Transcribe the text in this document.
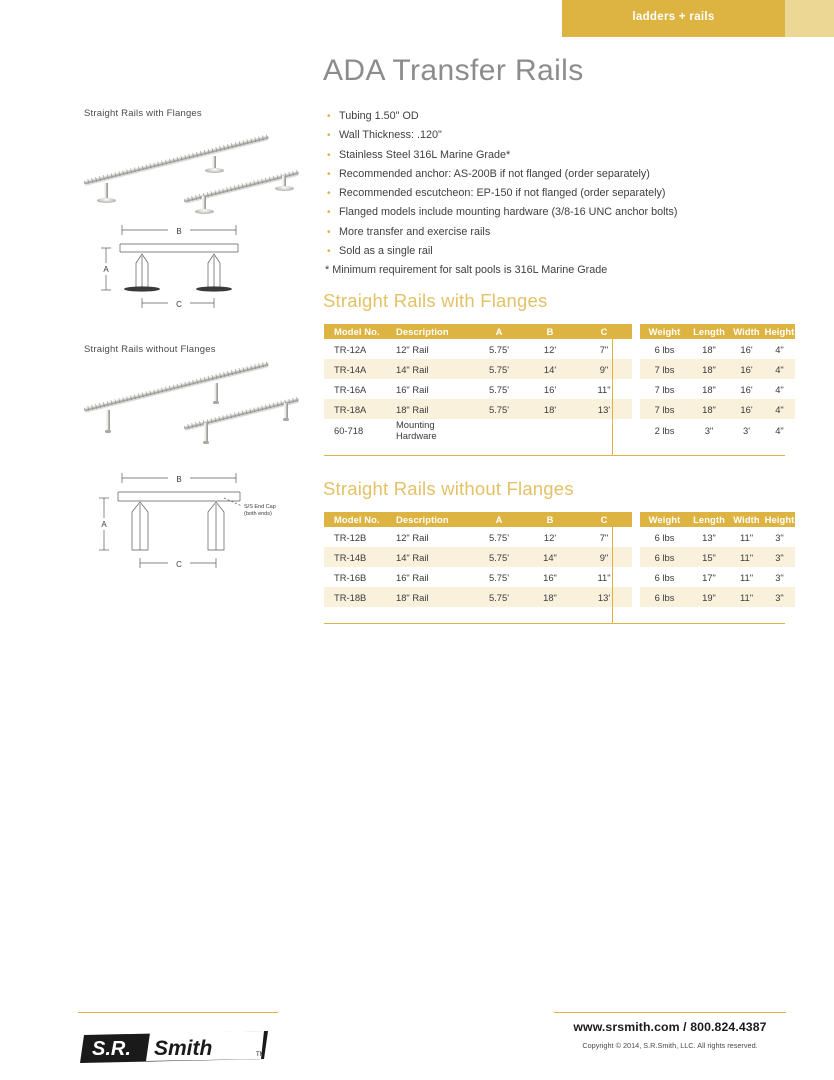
ladders + rails
Straight Rails with Flanges
B
A
C
Straight Rails without Flanges
B
A
C
S/S End Cap
(both ends)
ADA Transfer Rails
• Tubing 1.50" OD
• Wall Thickness: .120"
• Stainless Steel 316L Marine Grade*
• Recommended anchor: AS-200B if not flanged (order separately)
• Recommended escutcheon: EP-150 if not flanged (order separately)
• Flanged models include mounting hardware (3/8-16 UNC anchor bolts)
• More transfer and exercise rails
• Sold as a single rail
* Minimum requirement for salt pools is 316L Marine Grade
Straight Rails with Flanges
Model No.	Description	A	B	C		Weight	Length	Width	Height
TR-12A	12" Rail	5.75'	12'	7"		6 lbs	18"	16'	4"
TR-14A	14" Rail	5.75'	14'	9"		7 lbs	18"	16'	4"
TR-16A	16" Rail	5.75'	16'	11"		7 lbs	18"	16'	4"
TR-18A	18" Rail	5.75'	18'	13'		7 lbs	18"	16'	4"
60-718	Mounting Hardware					2 lbs	3"	3'	4"
Straight Rails without Flanges
Model No.	Description	A	B	C		Weight	Length	Width	Height
TR-12B	12" Rail	5.75'	12'	7"		6 lbs	13"	11"	3"
TR-14B	14" Rail	5.75'	14"	9"		6 lbs	15"	11"	3"
TR-16B	16" Rail	5.75'	16"	11"		6 lbs	17"	11"	3"
TR-18B	18" Rail	5.75'	18"	13'		6 lbs	19"	11"	3"
S.R. Smith	TM
www.srsmith.com / 800.824.4387
Copyright © 2014, S.R.Smith, LLC. All rights reserved.
